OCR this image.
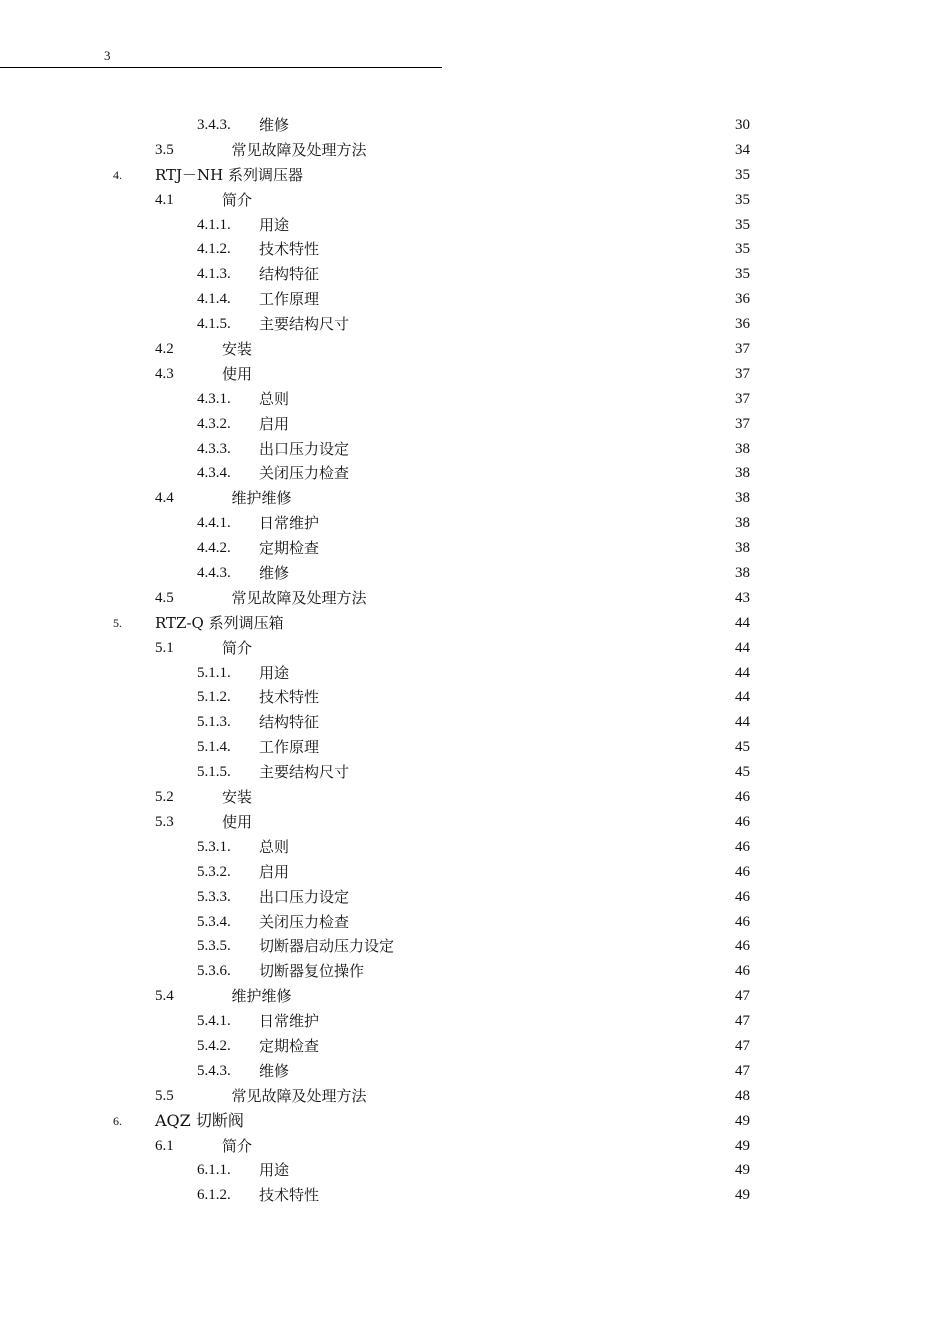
3
3.4.3. 维修	30
3.5	常见故障及处理方法	34
4. RTJ－NH 系列调压器	35
4.1	简介	35
4.1.1. 用途	35
4.1.2. 技术特性	35
4.1.3. 结构特征	35
4.1.4. 工作原理	36
4.1.5. 主要结构尺寸	36
4.2	安装	37
4.3	使用	37
4.3.1. 总则	37
4.3.2. 启用	37
4.3.3. 出口压力设定	38
4.3.4. 关闭压力检查	38
4.4	维护维修	38
4.4.1. 日常维护	38
4.4.2. 定期检查	38
4.4.3. 维修	38
4.5	常见故障及处理方法	43
5. RTZ-Q 系列调压箱	44
5.1	简介	44
5.1.1. 用途	44
5.1.2. 技术特性	44
5.1.3. 结构特征	44
5.1.4. 工作原理	45
5.1.5. 主要结构尺寸	45
5.2	安装	46
5.3	使用	46
5.3.1. 总则	46
5.3.2. 启用	46
5.3.3. 出口压力设定	46
5.3.4. 关闭压力检查	46
5.3.5. 切断器启动压力设定	46
5.3.6. 切断器复位操作	46
5.4	维护维修	47
5.4.1. 日常维护	47
5.4.2. 定期检查	47
5.4.3. 维修	47
5.5	常见故障及处理方法	48
6. AQZ 切断阀	49
6.1	简介	49
6.1.1. 用途	49
6.1.2. 技术特性	49
